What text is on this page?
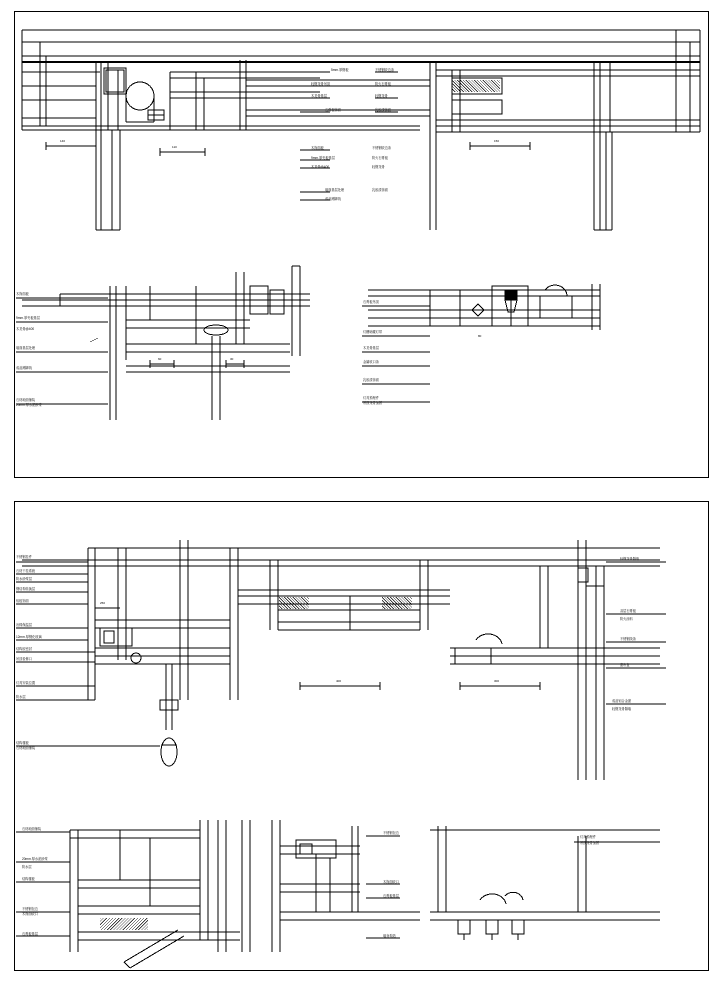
5mm.厚钢板
轻钢龙骨吊顶
木龙骨基层
石膏板饰面
木饰面板
9mm.厚夹板基层
木龙骨@400
墙面基层处理
成品踢脚线
不锈钢收边条
防火石膏板
轻钢龙骨
乳胶漆饰面
不锈钢收边条
防火石膏板
轻钢龙骨
乳胶漆饰面
140
110
150
木饰面板
9mm.厚夹板基层
木龙骨@400
墙面基层处理
成品踢脚线
石材地面铺装
20mm.厚水泥砂浆
60	30
石膏板吊顶
灯槽暗藏灯带
木龙骨基层
金属收口条
乳胶漆饰面
灯具预埋件
吊顶龙骨加固
80
不锈钢挂件
石材干挂系统
防水砂浆层
钢结构转换层
铝板饰面
岩棉保温层
12mm.厚钢化玻璃
结构胶密封
吊顶检修口
灯具安装位置
防水层
结构楼板
石材地面铺装
轻钢龙骨隔墙
双层石膏板
防火涂料
不锈钢线条
窗帘盒
成品铝合金窗
轻钢龙骨隔墙
400	300
250
石材地面铺装
20mm.厚水泥砂浆
防水层
结构楼板
不锈钢包边
木饰面收口
石膏板基层
不锈钢包边
木饰面收口
石膏板基层
墙身构造
灯具预埋件
吊顶龙骨加固
